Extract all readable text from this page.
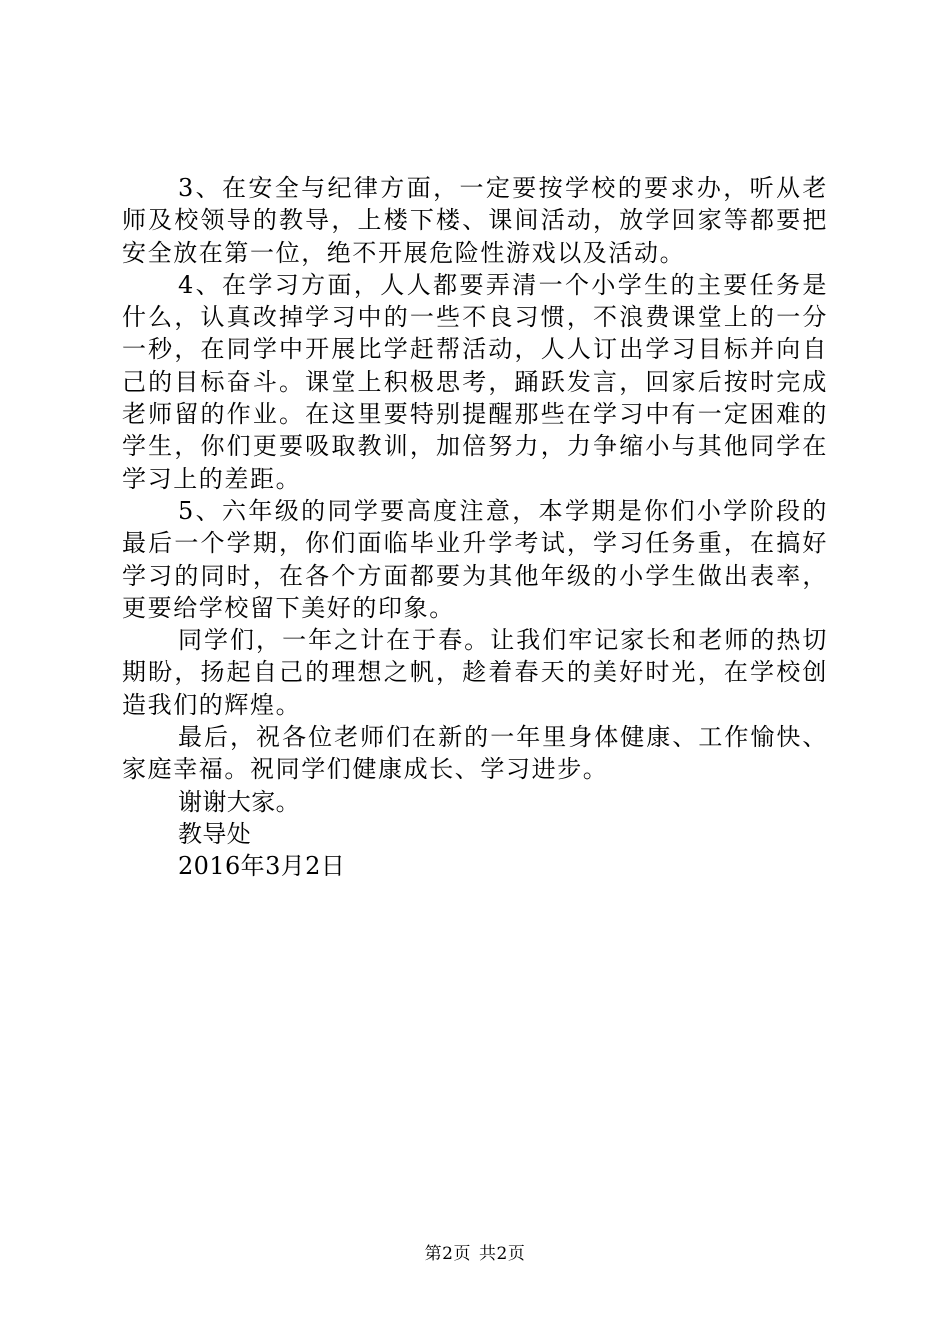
3、在安全与纪律方面，一定要按学校的要求办，听从老师及校领导的教导，上楼下楼、课间活动，放学回家等都要把安全放在第一位，绝不开展危险性游戏以及活动。

4、在学习方面，人人都要弄清一个小学生的主要任务是什么，认真改掉学习中的一些不良习惯，不浪费课堂上的一分一秒，在同学中开展比学赶帮活动，人人订出学习目标并向自己的目标奋斗。课堂上积极思考，踊跃发言，回家后按时完成老师留的作业。在这里要特别提醒那些在学习中有一定困难的学生，你们更要吸取教训，加倍努力，力争缩小与其他同学在学习上的差距。

5、六年级的同学要高度注意，本学期是你们小学阶段的最后一个学期，你们面临毕业升学考试，学习任务重，在搞好学习的同时，在各个方面都要为其他年级的小学生做出表率，更要给学校留下美好的印象。

同学们，一年之计在于春。让我们牢记家长和老师的热切期盼，扬起自己的理想之帆，趁着春天的美好时光，在学校创造我们的辉煌。

最后，祝各位老师们在新的一年里身体健康、工作愉快、家庭幸福。祝同学们健康成长、学习进步。

谢谢大家。

教导处

2016年3月2日

第2页 共2页
